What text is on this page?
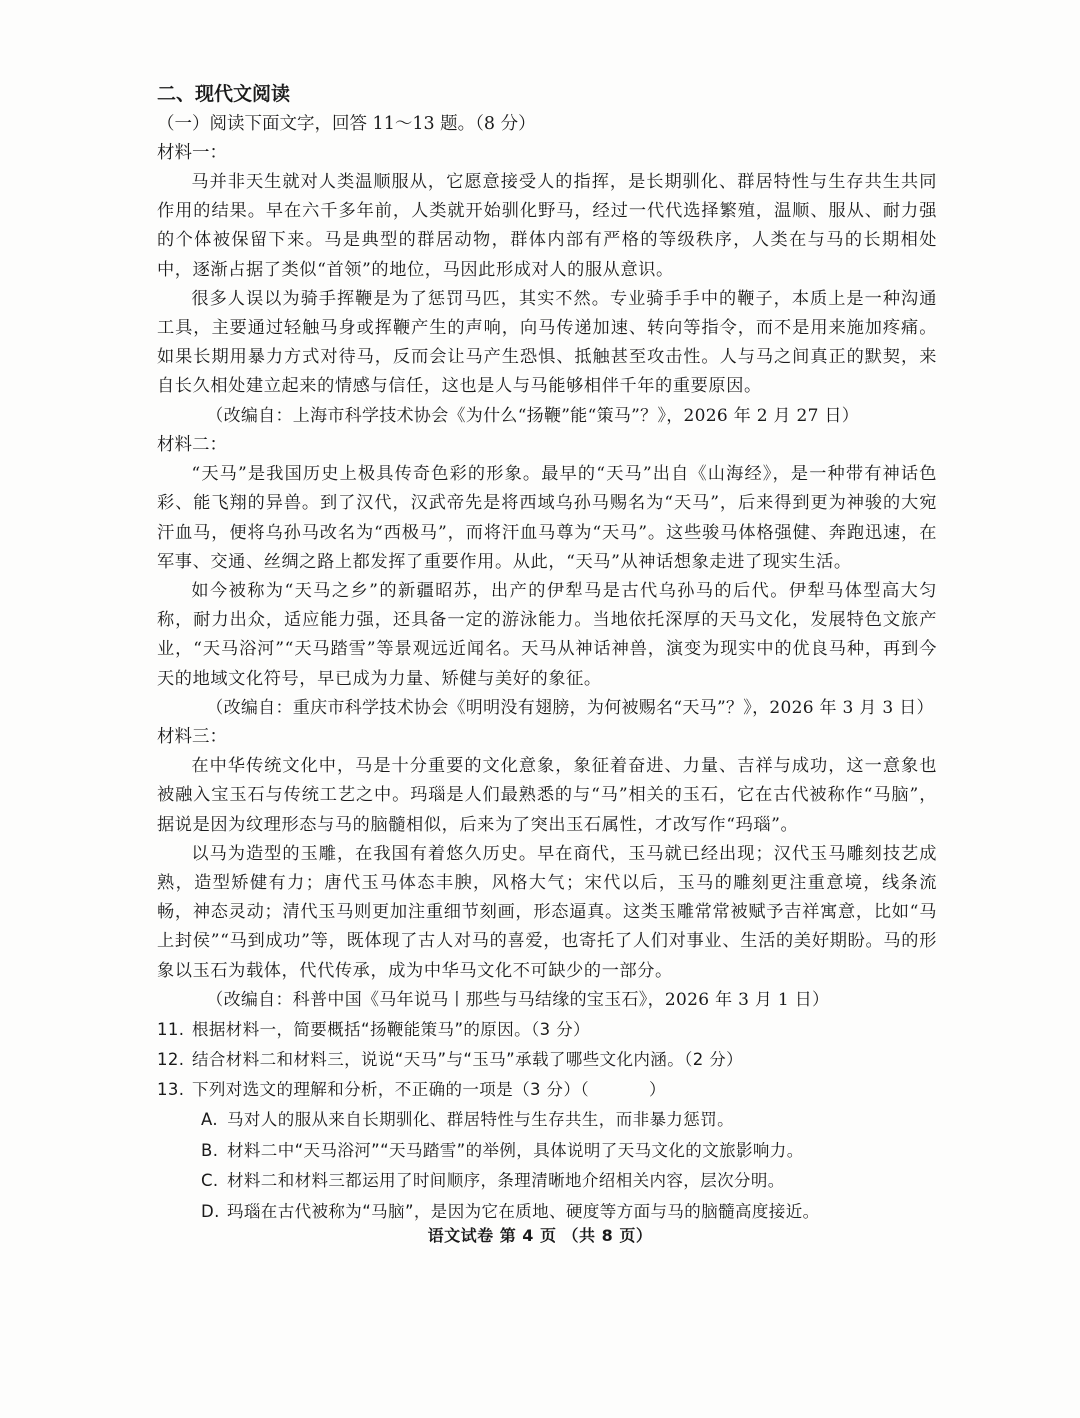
二、现代文阅读

（一）阅读下面文字，回答 11～13 题。（8 分）

材料一：

马并非天生就对人类温顺服从，它愿意接受人的指挥，是长期驯化、群居特性与生存共生共同作用的结果。早在六千多年前，人类就开始驯化野马，经过一代代选择繁殖，温顺、服从、耐力强的个体被保留下来。马是典型的群居动物，群体内部有严格的等级秩序，人类在与马的长期相处中，逐渐占据了类似“首领”的地位，马因此形成对人的服从意识。

很多人误以为骑手挥鞭是为了惩罚马匹，其实不然。专业骑手手中的鞭子，本质上是一种沟通工具，主要通过轻触马身或挥鞭产生的声响，向马传递加速、转向等指令，而不是用来施加疼痛。如果长期用暴力方式对待马，反而会让马产生恐惧、抵触甚至攻击性。人与马之间真正的默契，来自长久相处建立起来的情感与信任，这也是人与马能够相伴千年的重要原因。

（改编自：上海市科学技术协会《为什么“扬鞭”能“策马”？》，2026 年 2 月 27 日）

材料二：

“天马”是我国历史上极具传奇色彩的形象。最早的“天马”出自《山海经》，是一种带有神话色彩、能飞翔的异兽。到了汉代，汉武帝先是将西域乌孙马赐名为“天马”，后来得到更为神骏的大宛汗血马，便将乌孙马改名为“西极马”，而将汗血马尊为“天马”。这些骏马体格强健、奔跑迅速，在军事、交通、丝绸之路上都发挥了重要作用。从此，“天马”从神话想象走进了现实生活。

如今被称为“天马之乡”的新疆昭苏，出产的伊犁马是古代乌孙马的后代。伊犁马体型高大匀称，耐力出众，适应能力强，还具备一定的游泳能力。当地依托深厚的天马文化，发展特色文旅产业，“天马浴河”“天马踏雪”等景观远近闻名。天马从神话神兽，演变为现实中的优良马种，再到今天的地域文化符号，早已成为力量、矫健与美好的象征。

（改编自：重庆市科学技术协会《明明没有翅膀，为何被赐名“天马”？》，2026 年 3 月 3 日）

材料三：

在中华传统文化中，马是十分重要的文化意象，象征着奋进、力量、吉祥与成功，这一意象也被融入宝玉石与传统工艺之中。玛瑙是人们最熟悉的与“马”相关的玉石，它在古代被称作“马脑”，据说是因为纹理形态与马的脑髓相似，后来为了突出玉石属性，才改写作“玛瑙”。

以马为造型的玉雕，在我国有着悠久历史。早在商代，玉马就已经出现；汉代玉马雕刻技艺成熟，造型矫健有力；唐代玉马体态丰腴，风格大气；宋代以后，玉马的雕刻更注重意境，线条流畅，神态灵动；清代玉马则更加注重细节刻画，形态逼真。这类玉雕常常被赋予吉祥寓意，比如“马上封侯”“马到成功”等，既体现了古人对马的喜爱，也寄托了人们对事业、生活的美好期盼。马的形象以玉石为载体，代代传承，成为中华马文化不可缺少的一部分。

（改编自：科普中国《马年说马丨那些与马结缘的宝玉石》，2026 年 3 月 1 日）

11. 根据材料一，简要概括“扬鞭能策马”的原因。（3 分）

12. 结合材料二和材料三，说说“天马”与“玉马”承载了哪些文化内涵。（2 分）

13. 下列对选文的理解和分析，不正确的一项是（3 分）（	）

A. 马对人的服从来自长期驯化、群居特性与生存共生，而非暴力惩罚。

B. 材料二中“天马浴河”“天马踏雪”的举例，具体说明了天马文化的文旅影响力。

C. 材料二和材料三都运用了时间顺序，条理清晰地介绍相关内容，层次分明。

D. 玛瑙在古代被称为“马脑”，是因为它在质地、硬度等方面与马的脑髓高度接近。

语文试卷 第 4 页 （共 8 页）
